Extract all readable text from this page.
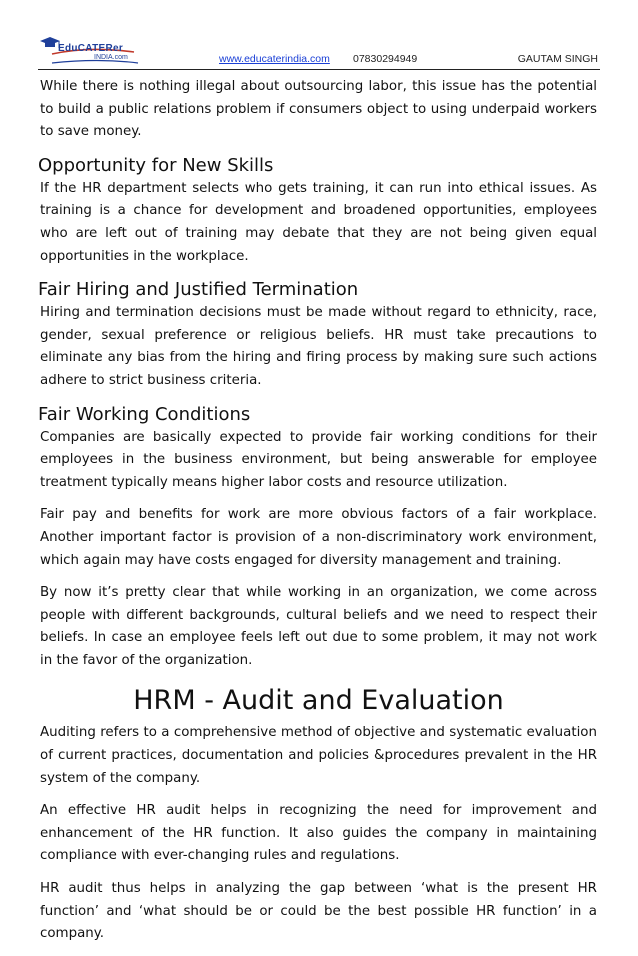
EduCATERer
INDIA.com	www.educaterindia.com 07830294949	GAUTAM SINGH

While there is nothing illegal about outsourcing labor, this issue has the potential to build a public relations problem if consumers object to using underpaid workers to save money.

Opportunity for New Skills

If the HR department selects who gets training, it can run into ethical issues. As training is a chance for development and broadened opportunities, employees who are left out of training may debate that they are not being given equal opportunities in the workplace.

Fair Hiring and Justified Termination

Hiring and termination decisions must be made without regard to ethnicity, race, gender, sexual preference or religious beliefs. HR must take precautions to eliminate any bias from the hiring and firing process by making sure such actions adhere to strict business criteria.

Fair Working Conditions

Companies are basically expected to provide fair working conditions for their employees in the business environment, but being answerable for employee treatment typically means higher labor costs and resource utilization.

Fair pay and benefits for work are more obvious factors of a fair workplace. Another important factor is provision of a non-discriminatory work environment, which again may have costs engaged for diversity management and training.

By now it’s pretty clear that while working in an organization, we come across people with different backgrounds, cultural beliefs and we need to respect their beliefs. In case an employee feels left out due to some problem, it may not work in the favor of the organization.

HRM - Audit and Evaluation

Auditing refers to a comprehensive method of objective and systematic evaluation of current practices, documentation and policies &procedures prevalent in the HR system of the company.

An effective HR audit helps in recognizing the need for improvement and enhancement of the HR function. It also guides the company in maintaining compliance with ever-changing rules and regulations.

HR audit thus helps in analyzing the gap between ‘what is the present HR function’ and ‘what should be or could be the best possible HR function’ in a company.
